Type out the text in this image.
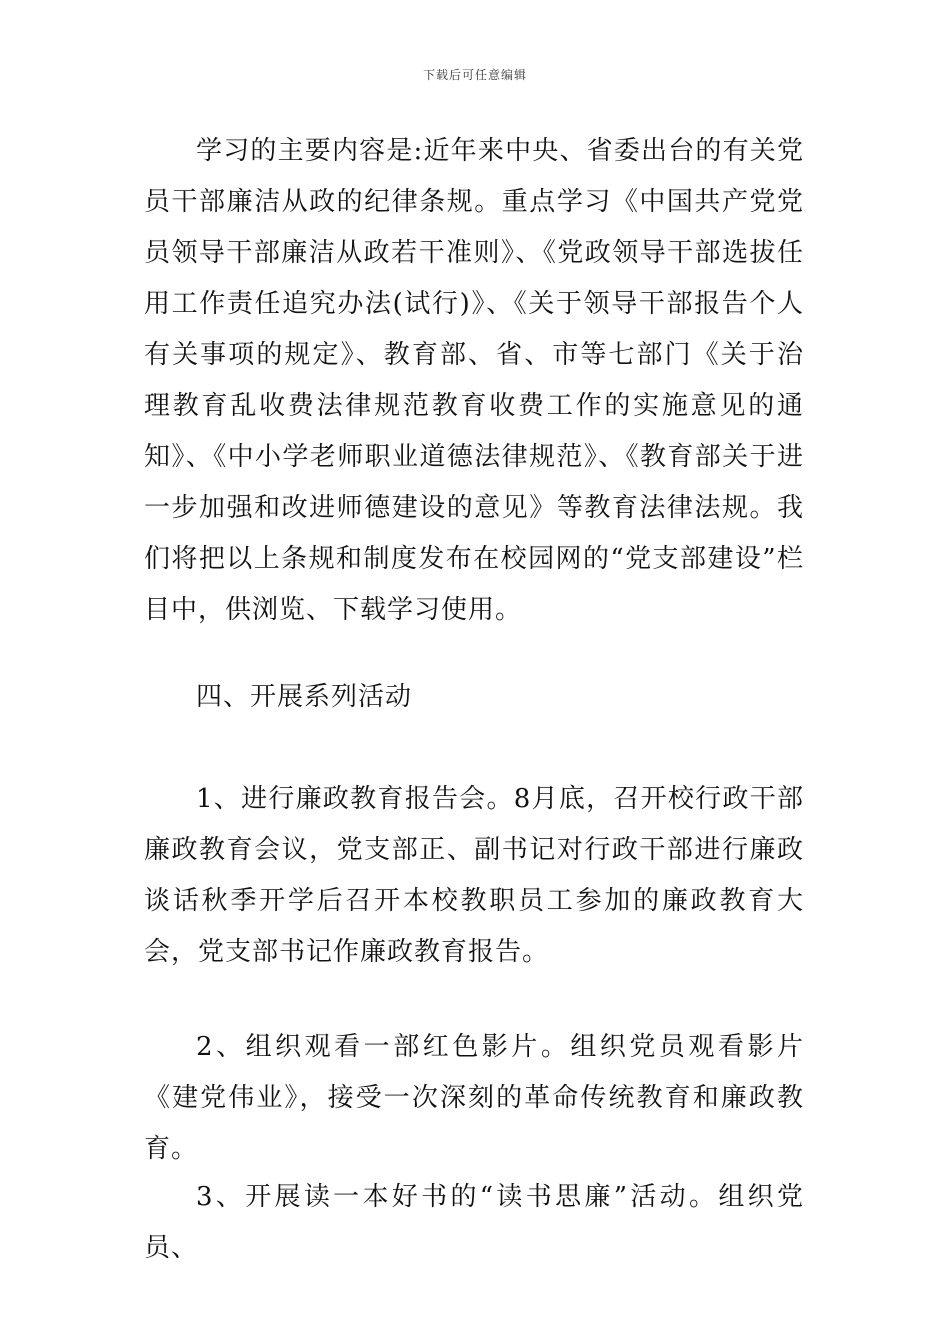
下载后可任意编辑

学习的主要内容是:近年来中央、省委出台的有关党员干部廉洁从政的纪律条规。重点学习《中国共产党党员领导干部廉洁从政若干准则》、《党政领导干部选拔任用工作责任追究办法(试行)》、《关于领导干部报告个人有关事项的规定》、教育部、省、市等七部门《关于治理教育乱收费法律规范教育收费工作的实施意见的通知》、《中小学老师职业道德法律规范》、《教育部关于进一步加强和改进师德建设的意见》等教育法律法规。我们将把以上条规和制度发布在校园网的“党支部建设”栏目中，供浏览、下载学习使用。

四、开展系列活动

1、进行廉政教育报告会。8月底，召开校行政干部廉政教育会议，党支部正、副书记对行政干部进行廉政谈话秋季开学后召开本校教职员工参加的廉政教育大会，党支部书记作廉政教育报告。

2、组织观看一部红色影片。组织党员观看影片《建党伟业》，接受一次深刻的革命传统教育和廉政教育。

3、开展读一本好书的“读书思廉”活动。组织党员、
